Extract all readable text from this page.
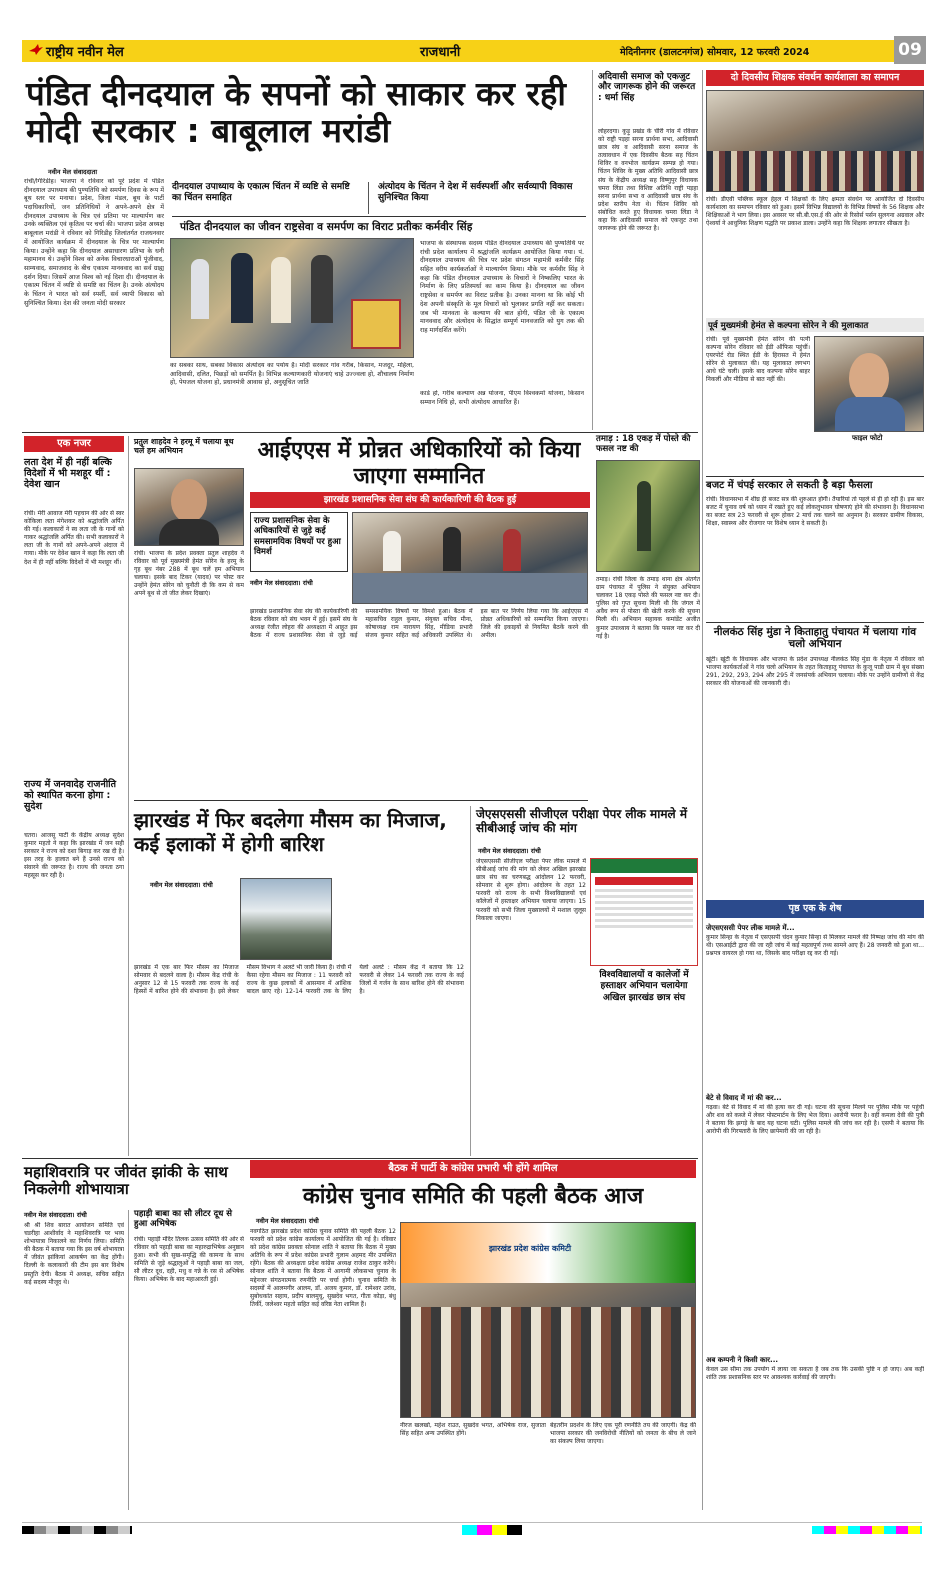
राष्ट्रीय नवीन मेल	राजधानी	मेदिनीनगर (डालटनगंज) सोमवार, 12 फरवरी 2024	09
पंडित दीनदयाल के सपनों को साकार कर रही मोदी सरकार : बाबूलाल मरांडी
नवीन मेल संवाददाता
रांची/गिरिडीह। भाजपा ने रविवार को पूरे प्रदेश में पंडित दीनदयाल उपाध्याय की पुण्यतिथि को समर्पण दिवस के रूप में बूथ स्तर पर मनाया। प्रदेश, जिला मंडल, बूथ के पार्टी पदाधिकारियों, जन प्रतिनिधियों ने अपने-अपने क्षेत्र में दीनदयाल उपाध्याय के चित्र एवं प्रतिमा पर माल्यार्पण कर उनके व्यक्तित्व एवं कृतित्व पर चर्चा की। भाजपा प्रदेश अध्यक्ष बाबूलाल मरांडी ने रविवार को गिरिडीह जिलांतर्गत राजधनवार में आयोजित कार्यक्रम में दीनदयाल के चित्र पर माल्यार्पण किया। उन्होंने कहा कि दीनदयाल असाधारण प्रतिभा के धनी महामानव थे। उन्होंने विश्व को अनेक विचारधाराओं पूंजीवाद, साम्यवाद, समाजवाद के बीच एकात्म मानववाद का सर्व ग्राह्य दर्शन दिया। जिसमें आज विश्व को नई दिशा दी। दीनदयाल के एकात्म चिंतन में व्यष्टि से समष्टि का चिंतन है। उनके अंत्योदय के चिंतन ने भारत को सर्व स्पर्शी, सर्व व्यापी विकास को सुनिश्चित किया। देश की जनता मोदी सरकार
दीनदयाल उपाध्याय के एकात्म चिंतन में व्यष्टि से समष्टि का चिंतन समाहित
अंत्योदय के चिंतन ने देश में सर्वस्पर्शी और सर्वव्यापी विकास सुनिश्चित किया
पंडित दीनदयाल का जीवन राष्ट्रसेवा व समर्पण का विराट प्रतीकः कर्मवीर सिंह
का सबका साथ, सबका विकास अंत्योदय का पर्याय है। मोदी सरकार गांव गरीब, किसान, मजदूर, महिला, आदिवासी, दलित, पिछड़ों को समर्पित है। विभिन्न कल्याणकारी योजनाएं चाहे उज्ज्वला हो, शौचालय निर्माण हो, पेयजल योजना हो, प्रधानमंत्री आवास हो, अनुसूचित जाति
भाजपा के संस्थापक सदस्य पंडित दीनदयाल उपाध्याय की पुण्यतिथि पर रांची प्रदेश कार्यालय में श्रद्धांजलि कार्यक्रम आयोजित किया गया। पं. दीनदयाल उपाध्याय की चित्र पर प्रदेश संगठन महामंत्री कर्मवीर सिंह सहित वरीय कार्यकर्ताओं ने माल्यार्पण किया। मौके पर कर्मवीर सिंह ने कहा कि पंडित दीनदयाल उपाध्याय के विचारों ने निष्कलिए भारत के निर्माण के लिए प्रतिस्पर्धा का काम किया है। दीनदयाल का जीवन राष्ट्रसेवा व समर्पण का विराट प्रतीक है। उनका मानना था कि कोई भी देश अपनी संस्कृति के मूल विचारों को भुलाकर प्रगति नहीं कर सकता। जब भी मानवता के कल्याण की बात होगी, पंडित जी के एकात्म मानववाद और अंत्योदय के सिद्धांत सम्पूर्ण मानवजाति को युग तक की राह मार्गदर्शित करेंगे।
कार्ड हो, गरीब कल्याण अन्न योजना, पीएम विश्वकर्मा योजना, किसान सम्मान निधि हो, सभी अंत्योदय आधारित हैं।
अदिवासी समाज को एकजुट और जागरूक होने की जरूरत : धर्मा सिंह
लोहरदगा। कुड़ू प्रखंड के चीरी गांव में रविवार को राष्ट्री पड़हा सरना प्रार्थना सभा, आदिवासी छात्र संघ व आदिवासी सरना समाज के तत्वावधान में एक दिवसीय बैठक सह चिंतन शिविर व वनभोज कार्यक्रम सम्पन्न हो गया। चिंतन शिविर के मुख्य अतिथि आदिवासी छात्र संघ के केंद्रीय अध्यक्ष सह विष्णुपुर विधायक चमरा लिंडा तथा विशिष्ट अतिथि राष्ट्री पड़हा सरना प्रार्थना सभा व आदिवासी छात्र संघ के प्रदेश स्तरीय नेता थे। चिंतन शिविर को संबोधित करते हुए विधायक चमरा लिंडा ने कहा कि आदिवासी समाज को एकजुट तथा जागरूक होने की जरूरत है।
दो दिवसीय शिक्षक संवर्धन कार्यशाला का समापन
रांची। डीएवी पब्लिक स्कूल हेहल में शिक्षकों के लिए क्षमता संवर्धन पर आयोजित दो दिवसीय कार्यशाला का समापन रविवार को हुआ। इसमें विभिन्न विद्यालयों के विभिन्न विषयों के 56 शिक्षक और शिक्षिकाओं ने भाग लिया। इस अवसर पर सी.बी.एस.ई की ओर से रिसोर्स पर्सन सुलगना अग्रवाल और ऐश्वर्या ने आधुनिक शिक्षण पद्धति पर प्रकाश डाला। उन्होंने कहा कि शिक्षक लगातार सीखता है।
पूर्व मुख्यमंत्री हेमंत से कल्पना सोरेन ने की मुलाकात
रांची। पूर्व मुख्यमंत्री हेमंत सोरेन की पत्नी कल्पना सोरेन रविवार को ईडी ऑफिस पहुंचीं। एयरपोर्ट रोड स्थित ईडी के हिरासत में हेमंत सोरेन से मुलाकात की। यह मुलाकात लगभग आधे घंटे चली। इसके बाद कल्पना सोरेन बाहर निकलीं और मीडिया से बात नहीं की।
फाइल फोटो
बजट में चंपई सरकार ले सकती है बड़ा फैसला
रांची। विधानसभा में शीघ्र ही बजट सत्र की शुरुआत होगी। तैयारियां तो पहले से ही हो रही हैं। इस बार बजट में चुनाव वर्ष को ध्यान में रखते हुए कई लोकलुभावन घोषणाएं होने की संभावना है। विधानसभा का बजट सत्र 23 फरवरी से शुरू होकर 2 मार्च तक चलने का अनुमान है। सरकार ग्रामीण विकास, शिक्षा, स्वास्थ्य और रोजगार पर विशेष ध्यान दे सकती है।
नीलकंठ सिंह मुंडा ने किताहातु पंचायत में चलाया गांव चलो अभियान
खूंटी। खूंटी के विधायक और भाजपा के प्रदेश उपाध्यक्ष नीलकंठ सिंह मुंडा के नेतृत्व में रविवार को भाजपा कार्यकर्ताओं ने गांव चलो अभियान के तहत किताहातु पंचायत के कुजू पाडी ग्राम में बूथ संख्या 291, 292, 293, 294 और 295 में जनसंपर्क अभियान चलाया। मौके पर उन्होंने ग्रामीणों से केंद्र सरकार की योजनाओं की जानकारी दी।
पृष्ठ एक के शेष
जेएसएससी पेपर लीक मामले में...
कुमार सिन्हा के नेतृत्व में एसएसपी चंदन कुमार सिन्हा से मिलकर मामले की निष्पक्ष जांच की मांग की थी। एसआईटी द्वारा की जा रही जांच में कई महत्वपूर्ण तथ्य सामने आए हैं। 28 जनवरी को हुआ था... प्रश्नपत्र वायरल हो गया था, जिसके बाद परीक्षा रद्द कर दी गई।
बेटे से विवाद में मां की कर...
गढ़वा। बेटे से विवाद में मां की हत्या कर दी गई। घटना की सूचना मिलने पर पुलिस मौके पर पहुंची और शव को कब्जे में लेकर पोस्टमार्टम के लिए भेज दिया। आरोपी फरार है। वहीं कमला देवी की पुत्री ने बताया कि झगड़े के बाद यह घटना घटी। पुलिस मामले की जांच कर रही है। एसपी ने बताया कि आरोपी की गिरफ्तारी के लिए छापेमारी की जा रही है।
अब कम्पनी ने किसी कार...
केवल उस सीमा तक उपयोग में लाया जा सकता है जब तक कि उसकी पुष्टि न हो जाए। अब कहीं शांति तक प्रशासनिक स्तर पर आवश्यक कार्रवाई की जाएगी।
तमाड़ : 18 एकड़ में पोस्ते की फसल नष्ट की
तमाड़। रांची जिला के तमाड़ थाना क्षेत्र अंतर्गत ग्राम पंचायत में पुलिस ने संयुक्त अभियान चलाकर 18 एकड़ पोस्ते की फसल नष्ट कर दी। पुलिस को गुप्त सूचना मिली थी कि जंगल में अवैध रूप से पोस्ता की खेती करके की सूचना मिली थी। अभियान सहायक कमांडेंट अजीत कुमार उपाध्याय ने बताया कि फसल नष्ट कर दी गई है।
एक नजर
लता देश में ही नहीं बल्कि विदेशों में भी मशहूर थीं : देवेश खान
रांची। मेरी आवाज मेरी पहचान की ओर से स्वर कोकिला लता मंगेशकर को श्रद्धांजलि अर्पित की गई। कलाकारों ने स्व लता जी के गानों को गाकर श्रद्धांजलि अर्पित की। सभी कलाकारों ने लता जी के गानों को अपने-अपने अंदाज में गाया। मौके पर देवेश खान ने कहा कि लता जी देश में ही नहीं बल्कि विदेशों में भी मशहूर थीं।
राज्य में जनवादेह राजनीति को स्थापित करना होगा : सुदेश
चतरा। आजसू पार्टी के केंद्रीय अध्यक्ष सुदेश कुमार महतो ने कहा कि झारखंड में जन सही सरकार ने राज्य को दशा बिगाड़ कर रख दी है। इस तरह के हालात बने हैं उनसे राज्य को संवारने की जरूरत है। राज्य की जनता ठगा महसूस कर रही है।
प्रतुल शाहदेव ने हरमू में चलाया बूथ चलें हम अभियान
रांची। भाजपा के प्रदेश प्रवक्ता प्रतुल शाहदेव ने रविवार को पूर्व मुख्यमंत्री हेमंत सोरेन के हरमू के गृह बूथ नंबर 288 में बूथ चलें हम अभियान चलाया। इसके बाद टिकर (यादव) पर पोस्ट कर उन्होंने हेमंत सोरेन को चुनौती दी कि कम से कम अपने बूथ से तो जीत लेकर दिखाएं।
आईएएस में प्रोन्नत अधिकारियों को किया जाएगा सम्मानित
झारखंड प्रशासनिक सेवा संघ की कार्यकारिणी की बैठक हुई
राज्य प्रशासनिक सेवा के अधिकारियों से जुड़े कई समसामयिक विषयों पर हुआ विमर्श
नवीन मेल संवाददाता। रांची
झारखंड प्रशासनिक सेवा संघ की कार्यकारिणी की बैठक रविवार को संघ भवन में हुई। इसमें संघ के अध्यक्ष रंजीत लोहरा की अध्यक्षता में आहूत इस बैठक में राज्य प्रशासनिक सेवा से जुड़े कई समसामयिक विषयों पर विमर्श हुआ। बैठक में महासचिव राहुल कुमार, संयुक्त सचिव मीना, कोषाध्यक्ष राम नारायण सिंह, मीडिया प्रभारी संजय कुमार सहित कई अधिकारी उपस्थित थे। इस बात पर निर्णय लिया गया कि आईएएस में प्रोन्नत अधिकारियों को सम्मानित किया जाएगा। जिले की इकाइयों से नियमित बैठकें करने की अपील।
झारखंड में फिर बदलेगा मौसम का मिजाज, कई इलाकों में होगी बारिश
नवीन मेल संवाददाता। रांची
झारखंड में एक बार फिर मौसम का मिजाज सोमवार से बदलने वाला है। मौसम केंद्र रांची के अनुसार 12 से 15 फरवरी तक राज्य के कई हिस्सों में बारिश होने की संभावना है। इसे लेकर मौसम विभाग ने अलर्ट भी जारी किया है। रांची में कैसा रहेगा मौसम का मिजाज : 11 फरवरी को राज्य के कुछ इलाकों में आसमान में आंशिक बादल छाए रहे। 12-14 फरवरी तक के लिए येलो अलर्ट : मौसम केंद्र ने बताया कि 12 फरवरी से लेकर 14 फरवरी तक राज्य के कई जिलों में गर्जन के साथ बारिश होने की संभावना है।
जेएसएससी सीजीएल परीक्षा पेपर लीक मामले में सीबीआई जांच की मांग
नवीन मेल संवाददाता। रांची
जेएसएससी सीजीएल परीक्षा पेपर लीक मामले में सीबीआई जांच की मांग को लेकर अखिल झारखंड छात्र संघ का चरणबद्ध आंदोलन 12 फरवरी, सोमवार से शुरू होगा। आंदोलन के तहत 12 फरवरी को राज्य के सभी विश्वविद्यालयों एवं कॉलेजों में हस्ताक्षर अभियान चलाया जाएगा। 15 फरवरी को सभी जिला मुख्यालयों में मशाल जुलूस निकाला जाएगा।
विश्वविद्यालयों व कालेजों में हस्ताक्षर अभियान चलायेगा अखिल झारखंड छात्र संघ
महाशिवरात्रि पर जीवंत झांकी के साथ निकलेगी शोभायात्रा
नवीन मेल संवाददाता। रांची
श्री श्री शिव बारात आयोजन समिति एवं चडरीहा आशीर्वाद ने महाशिवरात्रि पर भव्य शोभायात्रा निकालने का निर्णय लिया। समिति की बैठक में बताया गया कि इस वर्ष शोभायात्रा में जीवंत झांकियां आकर्षण का केंद्र होंगी। दिल्ली के कलाकारों की टीम इस बार विशेष प्रस्तुति देगी। बैठक में अध्यक्ष, सचिव सहित कई सदस्य मौजूद थे।
पहाड़ी बाबा का सौ लीटर दूध से हुआ अभिषेक
रांची। पहाड़ी मंदिर तिलक उत्सव समिति की ओर से रविवार को पहाड़ी बाबा का महारुद्राभिषेक अनुष्ठान हुआ। सभी की सुख-समृद्धि की कामना के साथ समिति से जुड़े श्रद्धालुओं ने पहाड़ी बाबा का जल, सौ लीटर दूध, दही, मधु व गन्ने के रस से अभिषेक किया। अभिषेक के बाद महाआरती हुई।
बैठक में पार्टी के कांग्रेस प्रभारी भी होंगे शामिल
कांग्रेस चुनाव समिति की पहली बैठक आज
नवीन मेल संवाददाता। रांची
नवगठित झारखंड प्रदेश कांग्रेस चुनाव समिति की पहली बैठक 12 फरवरी को प्रदेश कांग्रेस कार्यालय में आयोजित की गई है। रविवार को प्रदेश कांग्रेस प्रवक्ता सोनाल शांति ने बताया कि बैठक में मुख्य अतिथि के रूप में प्रदेश कांग्रेस प्रभारी गुलाम अहमद मीर उपस्थित रहेंगे। बैठक की अध्यक्षता प्रदेश कांग्रेस अध्यक्ष राजेश ठाकुर करेंगे। सोनाल शांति ने बताया कि बैठक में आगामी लोकसभा चुनाव के मद्देनजर संगठनात्मक रणनीति पर चर्चा होगी। चुनाव समिति के सदस्यों में आलमगीर आलम, डॉ. अजय कुमार, डॉ. रामेश्वर उरांव, सुबोधकांत सहाय, प्रदीप बालमुचू, सुखदेव भगत, गीता कोड़ा, बंधु तिर्की, जलेश्वर महतो सहित कई वरिष्ठ नेता शामिल हैं।
झारखंड प्रदेश कांग्रेस कमिटी
नीरज खलखो, महेश राउत, सुखदेव भगत, अभिषेक राज, सुजाता सिंह सहित अन्य उपस्थित होंगे।
बेहतरीन प्रदर्शन के लिए एक पूरी रणनीति तय की जाएगी। केंद्र की भाजपा सरकार की जनविरोधी नीतियों को जनता के बीच ले जाने का संकल्प लिया जाएगा।
